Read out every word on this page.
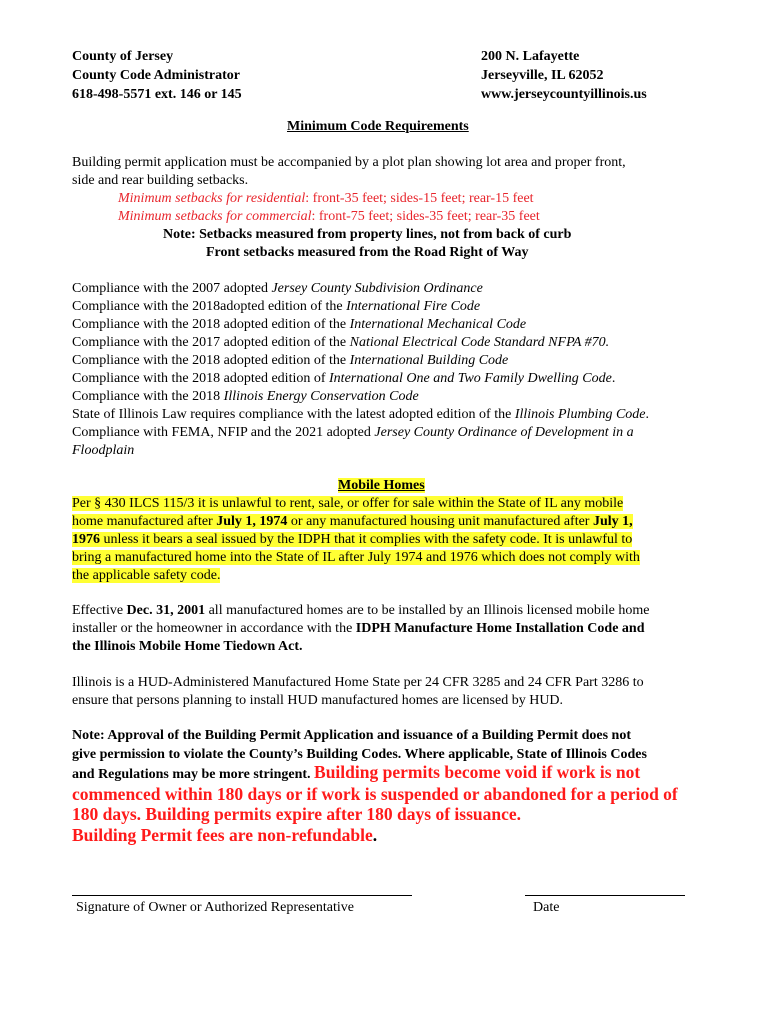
County of Jersey
County Code Administrator
618-498-5571 ext. 146 or 145
200 N. Lafayette
Jerseyville, IL 62052
www.jerseycountyillinois.us
Minimum Code Requirements
Building permit application must be accompanied by a plot plan showing lot area and proper front,
side and rear building setbacks.
Minimum setbacks for residential: front-35 feet; sides-15 feet; rear-15 feet
Minimum setbacks for commercial: front-75 feet; sides-35 feet; rear-35 feet
Note: Setbacks measured from property lines, not from back of curb
Front setbacks measured from the Road Right of Way
Compliance with the 2007 adopted Jersey County Subdivision Ordinance
Compliance with the 2018adopted edition of the International Fire Code
Compliance with the 2018 adopted edition of the International Mechanical Code
Compliance with the 2017 adopted edition of the National Electrical Code Standard NFPA #70.
Compliance with the 2018 adopted edition of the International Building Code
Compliance with the 2018 adopted edition of International One and Two Family Dwelling Code.
Compliance with the 2018 Illinois Energy Conservation Code
State of Illinois Law requires compliance with the latest adopted edition of the Illinois Plumbing Code.
Compliance with FEMA, NFIP and the 2021 adopted Jersey County Ordinance of Development in a
Floodplain
Mobile Homes
Per § 430 ILCS 115/3 it is unlawful to rent, sale, or offer for sale within the State of IL any mobile
home manufactured after July 1, 1974 or any manufactured housing unit manufactured after July 1,
1976 unless it bears a seal issued by the IDPH that it complies with the safety code. It is unlawful to
bring a manufactured home into the State of IL after July 1974 and 1976 which does not comply with
the applicable safety code.
Effective Dec. 31, 2001 all manufactured homes are to be installed by an Illinois licensed mobile home
installer or the homeowner in accordance with the IDPH Manufacture Home Installation Code and
the Illinois Mobile Home Tiedown Act.
Illinois is a HUD-Administered Manufactured Home State per 24 CFR 3285 and 24 CFR Part 3286 to
ensure that persons planning to install HUD manufactured homes are licensed by HUD.
Note: Approval of the Building Permit Application and issuance of a Building Permit does not
give permission to violate the County’s Building Codes. Where applicable, State of Illinois Codes
and Regulations may be more stringent. Building permits become void if work is not
commenced within 180 days or if work is suspended or abandoned for a period of
180 days. Building permits expire after 180 days of issuance.
Building Permit fees are non-refundable.
Signature of Owner or Authorized Representative	Date
